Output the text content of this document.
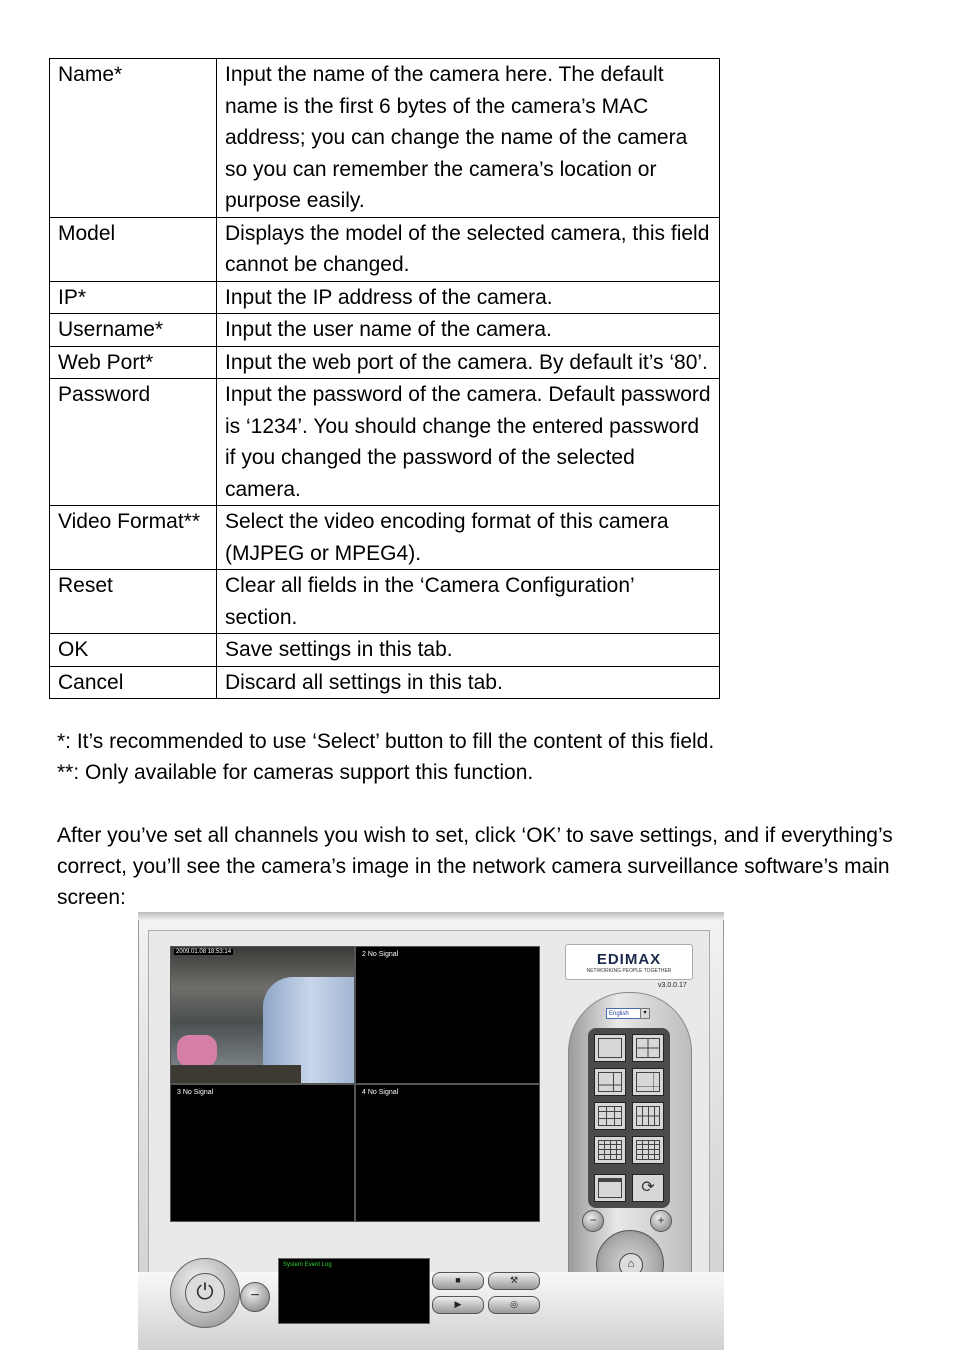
Name*	Input the name of the camera here. The default name is the first 6 bytes of the camera’s MAC address; you can change the name of the camera so you can remember the camera’s location or purpose easily.
Model	Displays the model of the selected camera, this field cannot be changed.
IP*	Input the IP address of the camera.
Username*	Input the user name of the camera.
Web Port*	Input the web port of the camera. By default it’s ‘80’.
Password	Input the password of the camera. Default password is ‘1234’. You should change the entered password if you changed the password of the selected camera.
Video Format**	Select the video encoding format of this camera (MJPEG or MPEG4).
Reset	Clear all fields in the ‘Camera Configuration’ section.
OK	Save settings in this tab.
Cancel	Discard all settings in this tab.

*: It’s recommended to use ‘Select’ button to fill the content of this field.

**: Only available for cameras support this function.

After you’ve set all channels you wish to set, click ‘OK’ to save settings, and if everything’s correct, you’ll see the camera’s image in the network camera surveillance software’s main screen:

2009.01.08 18:53:14	2 No Signal
3 No Signal	4 No Signal
EDIMAX
NETWORKING PEOPLE TOGETHER
v3.0.0.17
English	▾
⟳
−	+
⌂
⏻	−
System Event Log
■	⚒
▶	◎
